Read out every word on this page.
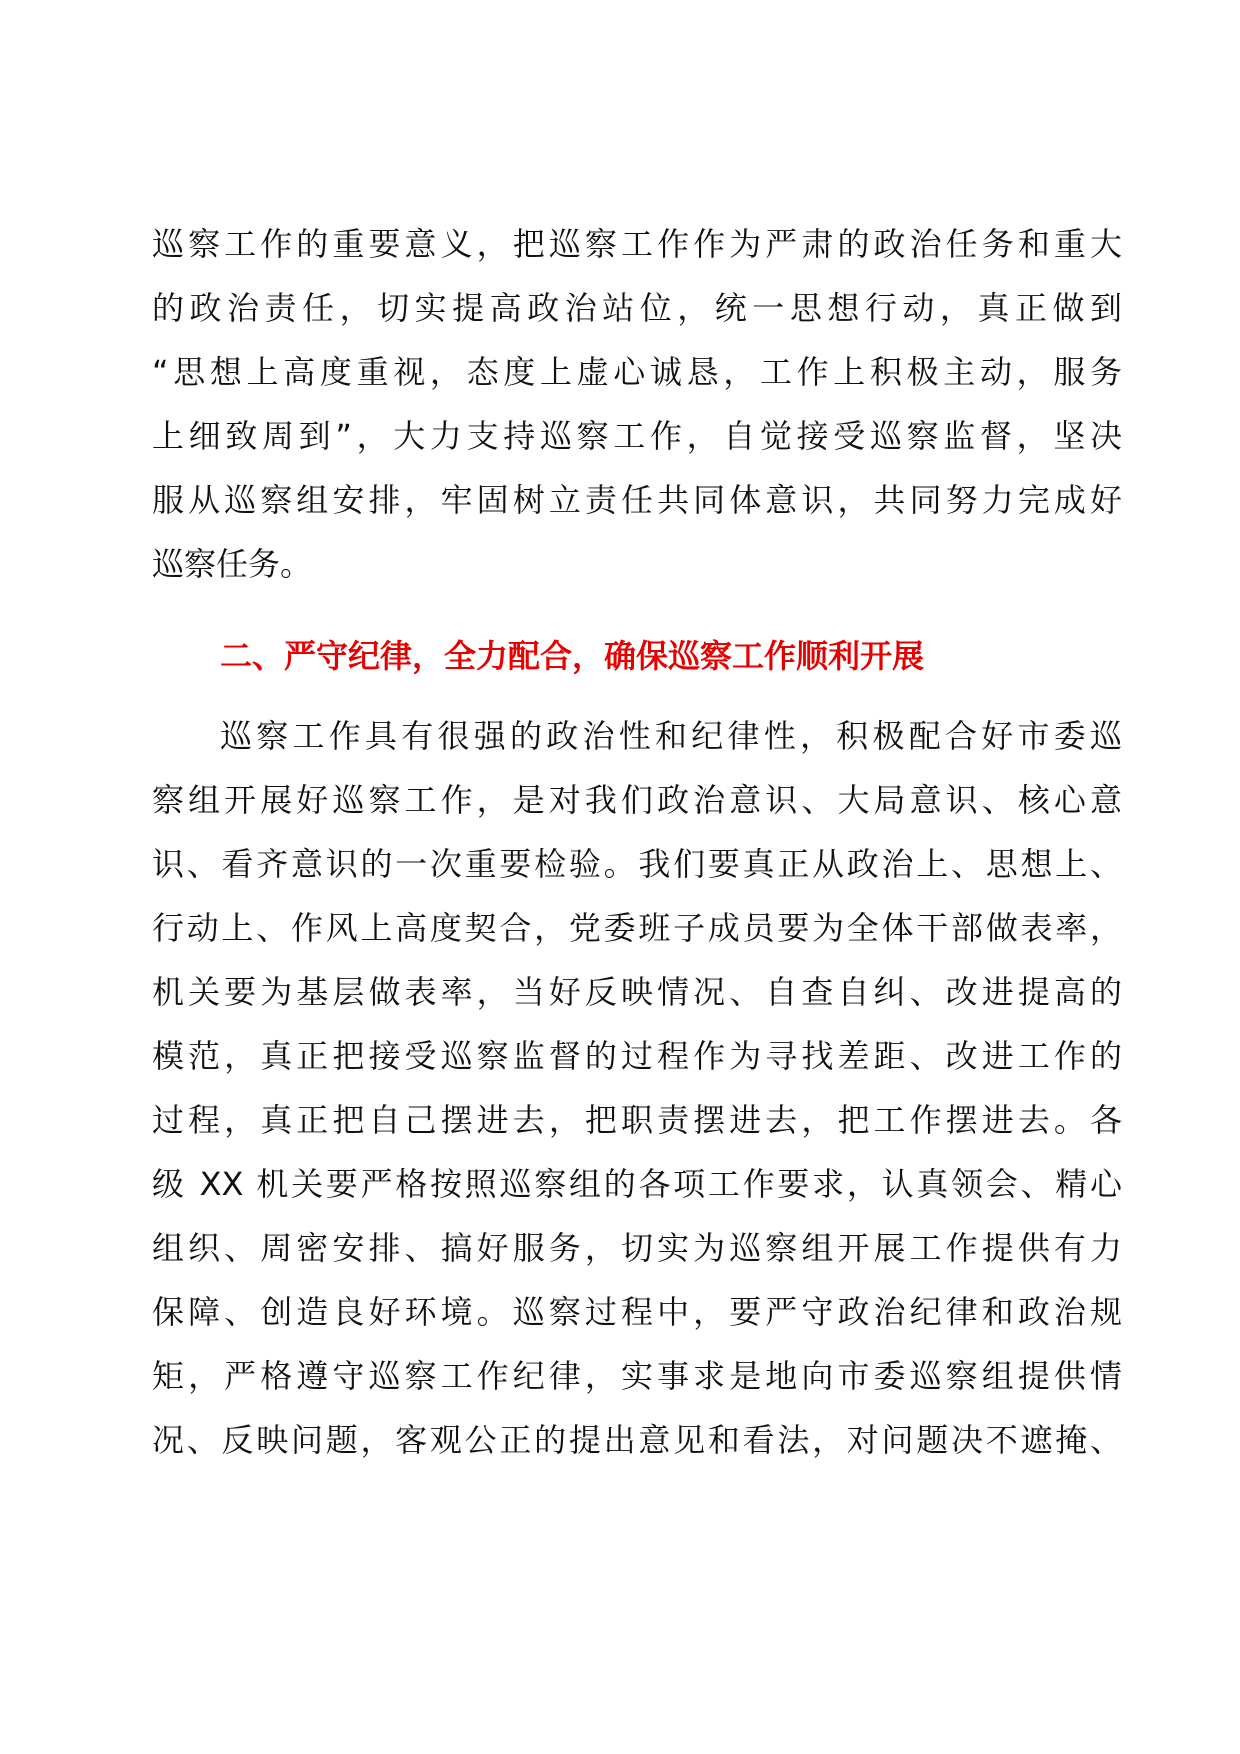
巡察工作的重要意义，把巡察工作作为严肃的政治任务和重大
的政治责任，切实提高政治站位，统一思想行动，真正做到
“思想上高度重视，态度上虚心诚恳，工作上积极主动，服务
上细致周到”，大力支持巡察工作，自觉接受巡察监督，坚决
服从巡察组安排，牢固树立责任共同体意识，共同努力完成好
巡察任务。
二、严守纪律，全力配合，确保巡察工作顺利开展
巡察工作具有很强的政治性和纪律性，积极配合好市委巡
察组开展好巡察工作，是对我们政治意识、大局意识、核心意
识、看齐意识的一次重要检验。我们要真正从政治上、思想上、
行动上、作风上高度契合，党委班子成员要为全体干部做表率，
机关要为基层做表率，当好反映情况、自查自纠、改进提高的
模范，真正把接受巡察监督的过程作为寻找差距、改进工作的
过程，真正把自己摆进去，把职责摆进去，把工作摆进去。各
级 XX 机关要严格按照巡察组的各项工作要求，认真领会、精心
组织、周密安排、搞好服务，切实为巡察组开展工作提供有力
保障、创造良好环境。巡察过程中，要严守政治纪律和政治规
矩，严格遵守巡察工作纪律，实事求是地向市委巡察组提供情
况、反映问题，客观公正的提出意见和看法，对问题决不遮掩、
